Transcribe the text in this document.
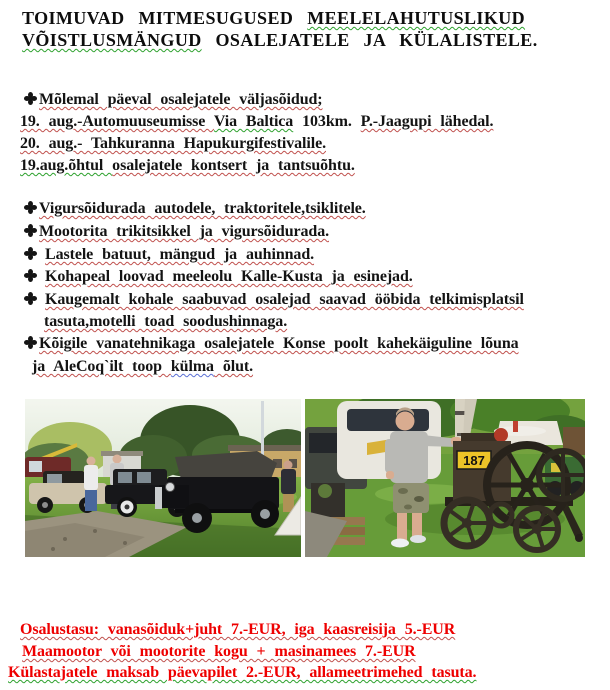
TOIMUVAD MITMESUGUSED MEELELAHUTUSLIKUD
VÕISTLUSMÄNGUD OSALEJATELE JA KÜLALISTELE.
Mõlemal päeval osalejatele väljasõidud;
19. aug.-Automuuseumisse Via Baltica 103km. P.-Jaagupi lähedal.
20. aug.- Tahkuranna Hapukurgifestivalile.
19.aug.õhtul osalejatele kontsert ja tantsuõhtu.
Vigursõidurada autodele, traktoritele,tsiklitele.
Mootorita trikitsikkel ja vigursõidurada.
Lastele batuut, mängud ja auhinnad.
Kohapeal loovad meeleolu Kalle-Kusta ja esinejad.
Kaugemalt kohale saabuvad osalejad saavad ööbida telkimisplatsil
tasuta,motelli toad soodushinnaga.
Kõigile vanatehnikaga osalejatele Konse poolt kahekäiguline lõuna
ja AleCoq`ilt toop külma õlut.
187
Osalustasu: vanasõiduk+juht 7.-EUR, iga kaasreisija 5.-EUR
Maamootor või mootorite kogu + masinamees 7.-EUR
Külastajatele maksab päevapilet 2.-EUR, allameetrimehed tasuta.
